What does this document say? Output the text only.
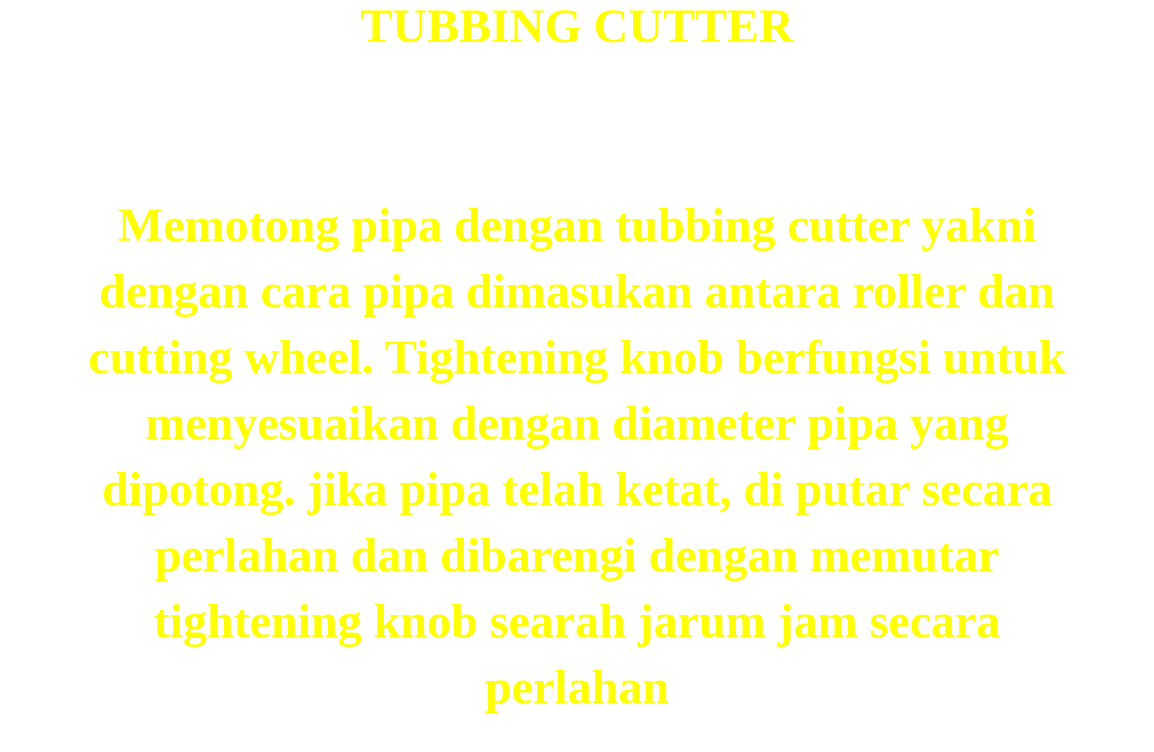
TUBBING CUTTER

Memotong pipa dengan tubbing cutter yakni
dengan cara pipa dimasukan antara roller dan
cutting wheel. Tightening knob berfungsi untuk
menyesuaikan dengan diameter pipa yang
dipotong. jika pipa telah ketat, di putar secara
perlahan dan dibarengi dengan memutar
tightening knob searah jarum jam secara
perlahan
